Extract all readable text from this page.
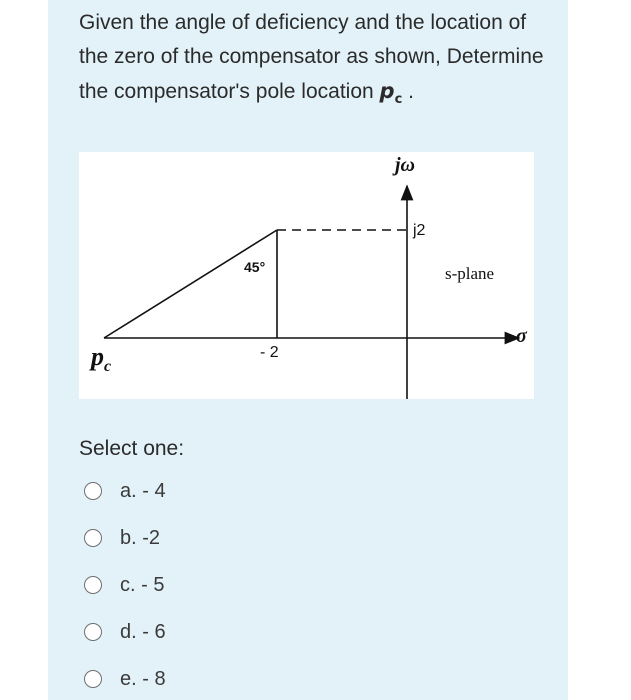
Given the angle of deficiency and the location of the zero of the compensator as shown, Determine the compensator's pole location $p_c$ .
jω
j2
45°	s-plane
σ
$p_c$
- 2
Select one:
a. - 4
b. -2
c. - 5
d. - 6
e. - 8
